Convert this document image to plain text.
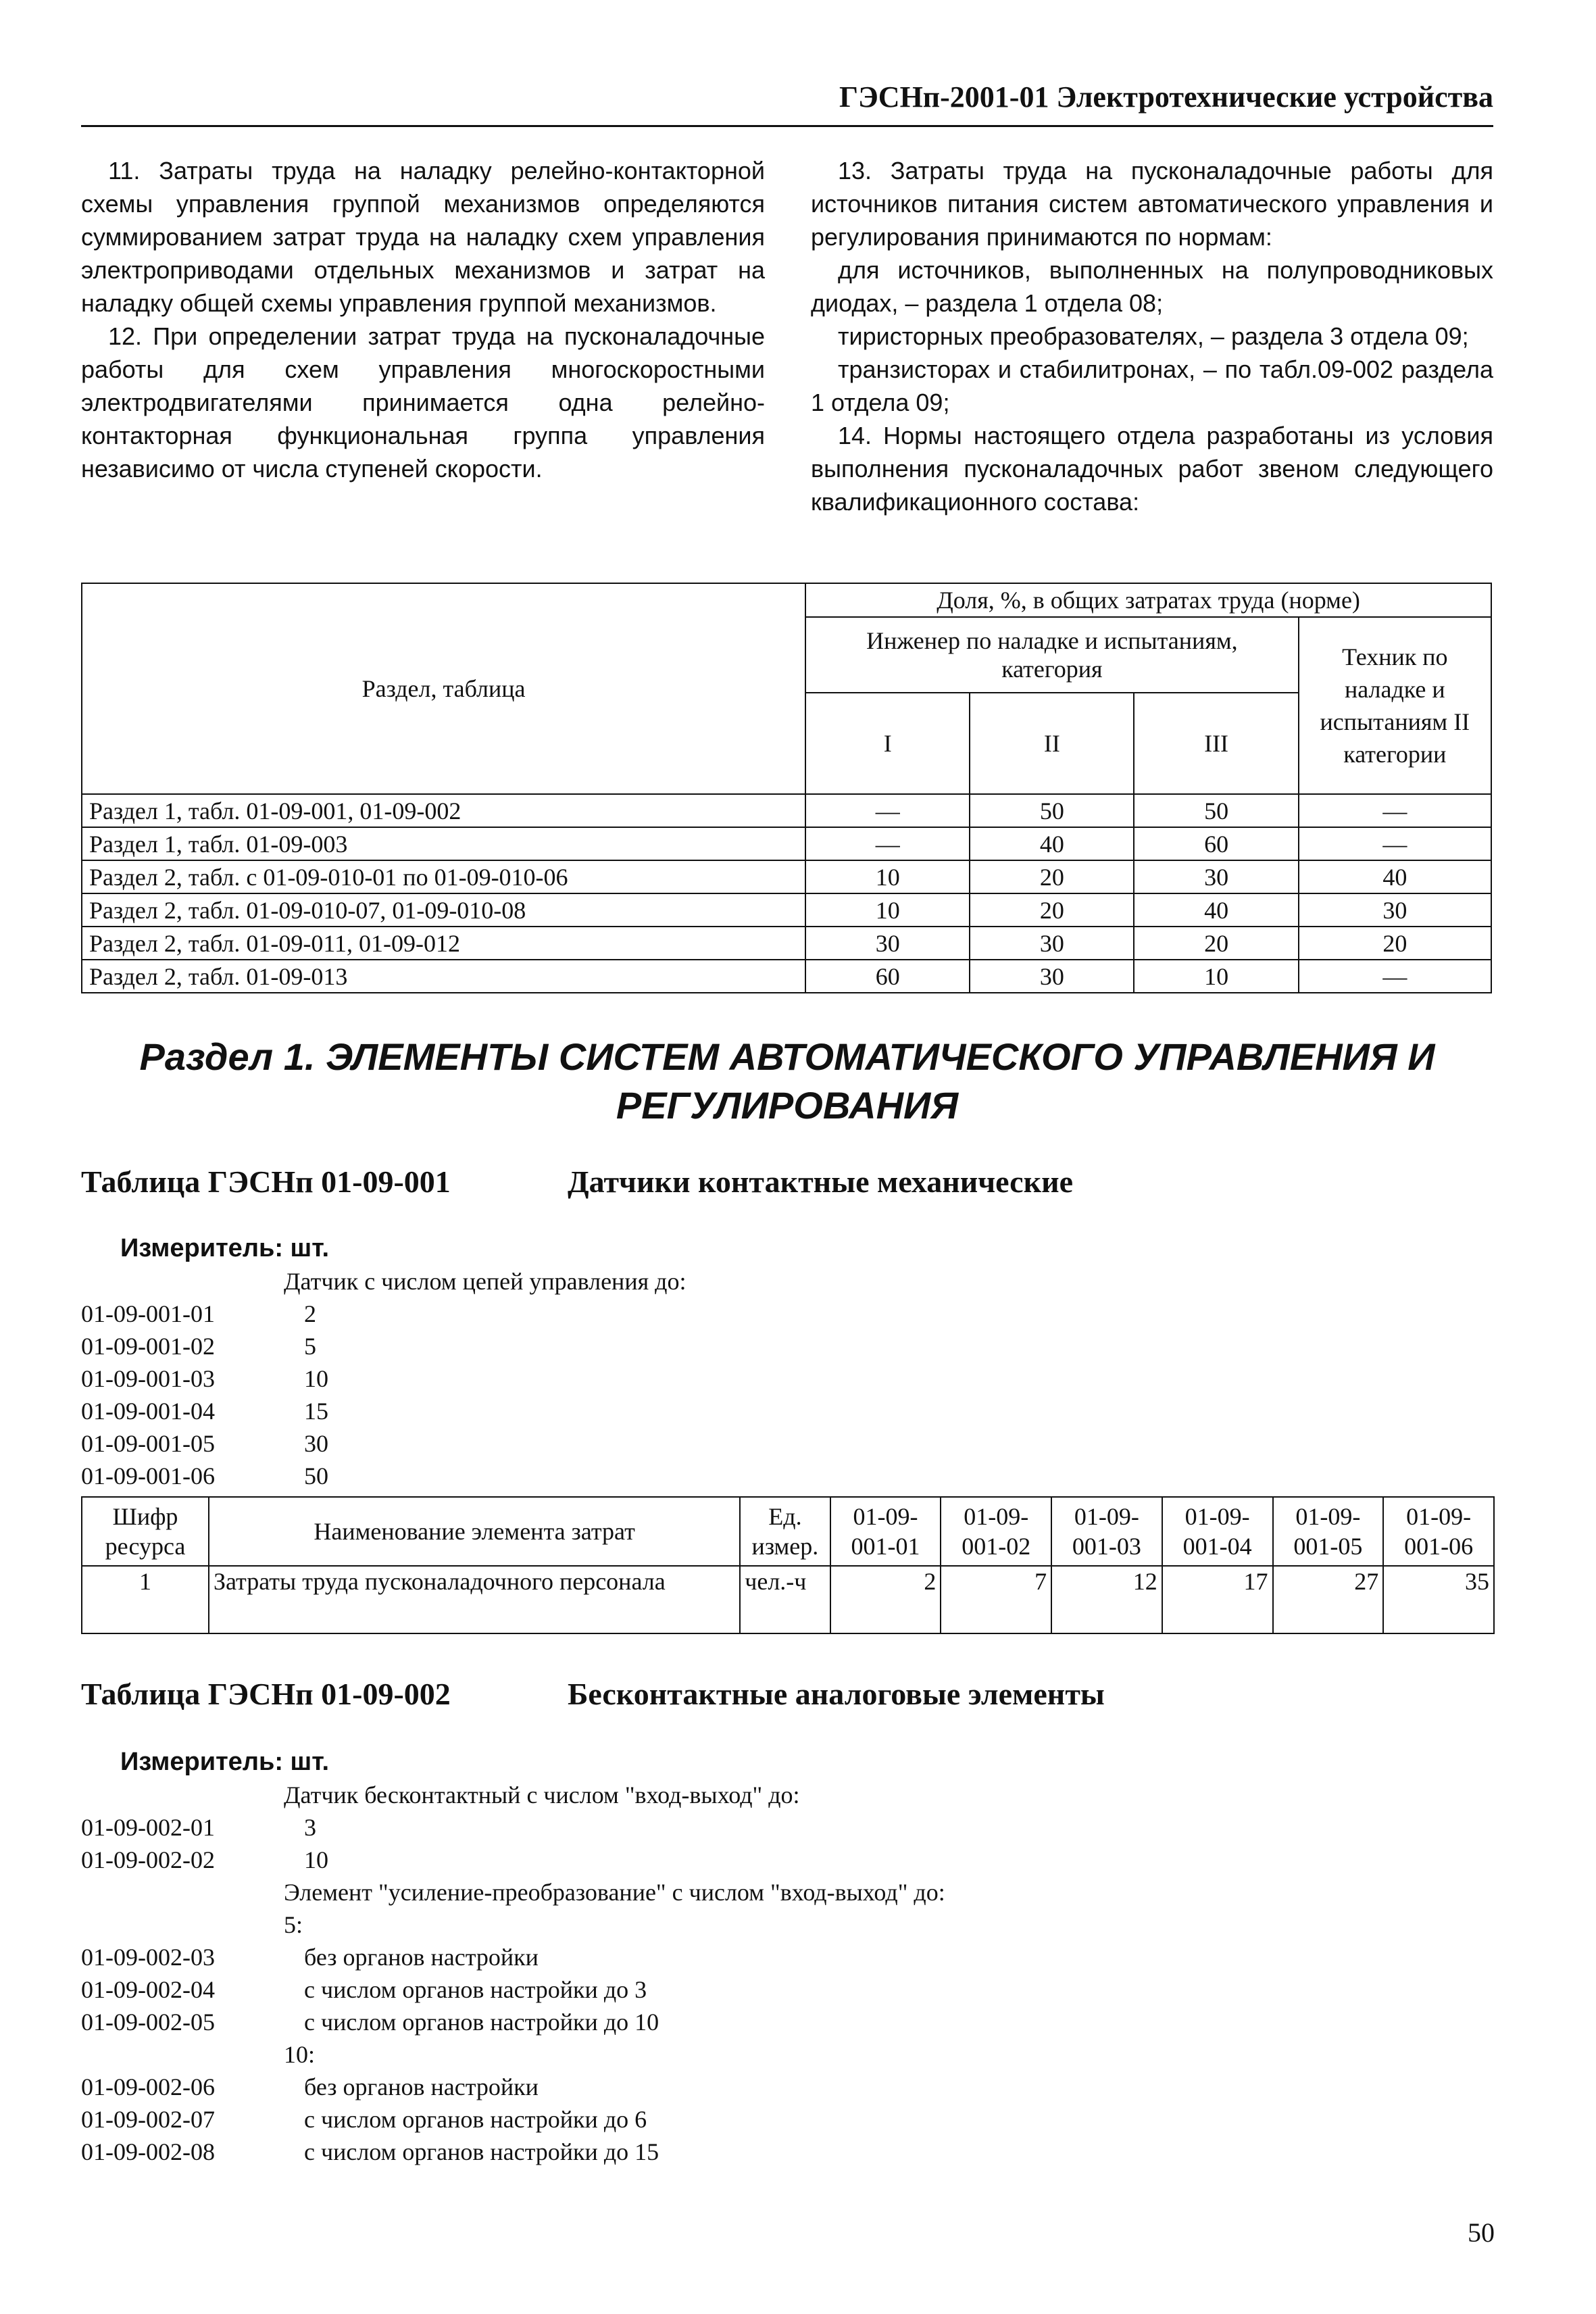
ГЭСНп-2001-01 Электротехнические устройства

11. Затраты труда на наладку релейно-контакторной схемы управления группой механизмов определяются суммированием затрат труда на наладку схем управления электроприводами отдельных механизмов и затрат на наладку общей схемы управления группой механизмов.

12. При определении затрат труда на пусконаладочные работы для схем управления многоскоростными электродвигателями принимается одна релейно-контакторная функциональная группа управления независимо от числа ступеней скорости.

13. Затраты труда на пусконаладочные работы для источников питания систем автоматического управления и регулирования принимаются по нормам:

для источников, выполненных на полупроводниковых диодах, – раздела 1 отдела 08;

тиристорных преобразователях, – раздела 3 отдела 09;

транзисторах и стабилитронах, – по табл.09-002 раздела 1 отдела 09;

14. Нормы настоящего отдела разработаны из условия выполнения пусконаладочных работ звеном следующего квалификационного состава:

Раздел, таблица	Доля, %, в общих затратах труда (норме)			
	Инженер по наладке и испытаниям, категория			Техник по наладке и испытаниям II категории
	I	II	III	
Раздел 1, табл. 01-09-001, 01-09-002	—	50	50	—
Раздел 1, табл. 01-09-003	—	40	60	—
Раздел 2, табл. с 01-09-010-01 по 01-09-010-06	10	20	30	40
Раздел 2, табл. 01-09-010-07, 01-09-010-08	10	20	40	30
Раздел 2, табл. 01-09-011, 01-09-012	30	30	20	20
Раздел 2, табл. 01-09-013	60	30	10	—
Раздел 1. ЭЛЕМЕНТЫ СИСТЕМ АВТОМАТИЧЕСКОГО УПРАВЛЕНИЯ И
РЕГУЛИРОВАНИЯ
Таблица ГЭСНп 01-09-001	Датчики контактные механические
Измеритель: шт.
Датчик с числом цепей управления до:
01-09-001-01	2
01-09-001-02	5
01-09-001-03	10
01-09-001-04	15
01-09-001-05	30
01-09-001-06	50
Шифр ресурса	Наименование элемента затрат	Ед. измер.	01-09-001-01	01-09-001-02	01-09-001-03	01-09-001-04	01-09-001-05	01-09-001-06
1	Затраты труда пусконаладочного персонала	чел.-ч	2	7	12	17	27	35
Таблица ГЭСНп 01-09-002	Бесконтактные аналоговые элементы
Измеритель: шт.
Датчик бесконтактный с числом "вход-выход" до:
01-09-002-01	3
01-09-002-02	10
Элемент "усиление-преобразование" с числом "вход-выход" до:
5:
01-09-002-03	без органов настройки
01-09-002-04	с числом органов настройки до 3
01-09-002-05	с числом органов настройки до 10
10:
01-09-002-06	без органов настройки
01-09-002-07	с числом органов настройки до 6
01-09-002-08	с числом органов настройки до 15
50
